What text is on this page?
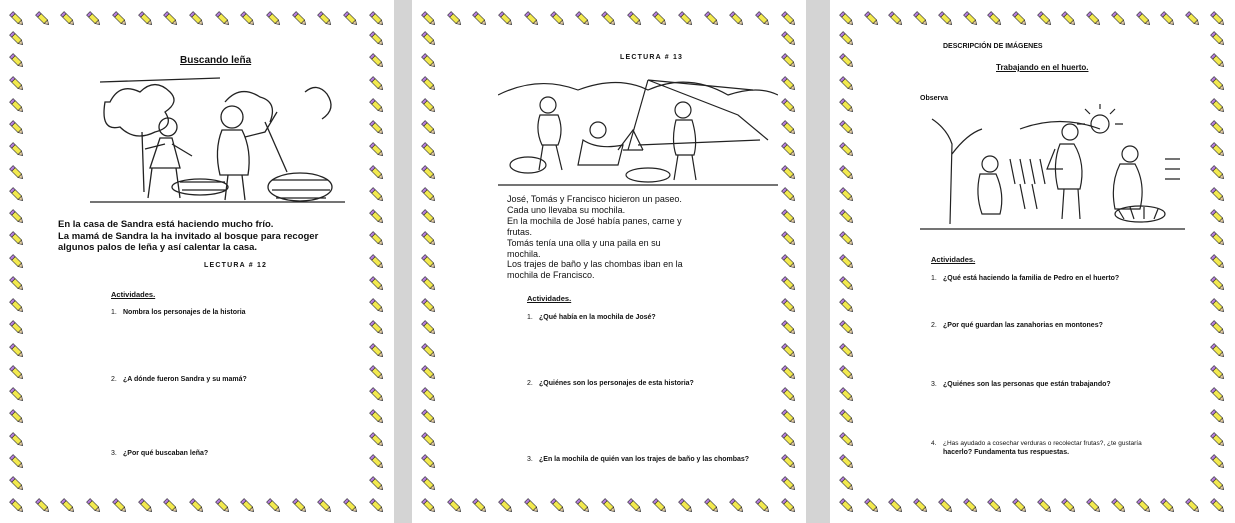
Buscando leña
En la casa de Sandra está haciendo mucho frío.
La mamá de Sandra la ha invitado al bosque para recoger
algunos palos de leña y así calentar la casa.
LECTURA # 12
Actividades.
1. Nombra los personajes de la historia
2. ¿A dónde fueron Sandra y su mamá?
3. ¿Por qué buscaban leña?
LECTURA # 13
José, Tomás y Francisco hicieron un paseo.
Cada uno llevaba su mochila.
En la mochila de José había panes, carne y
frutas.
Tomás tenía una olla y una paila en su
mochila.
Los trajes de baño y las chombas iban en la
mochila de Francisco.
Actividades.
1. ¿Qué había en la mochila de José?
2. ¿Quiénes son los personajes de esta historia?
3. ¿En la mochila de quién van los trajes de baño y las chombas?
DESCRIPCIÓN DE IMÁGENES
Trabajando en el huerto.
Observa
Actividades.
1. ¿Qué está haciendo la familia de Pedro en el huerto?
2. ¿Por qué guardan las zanahorias en montones?
3. ¿Quiénes son las personas que están trabajando?
4. ¿Has ayudado a cosechar verduras o recolectar frutas?, ¿te gustaría
hacerlo? Fundamenta tus respuestas.
